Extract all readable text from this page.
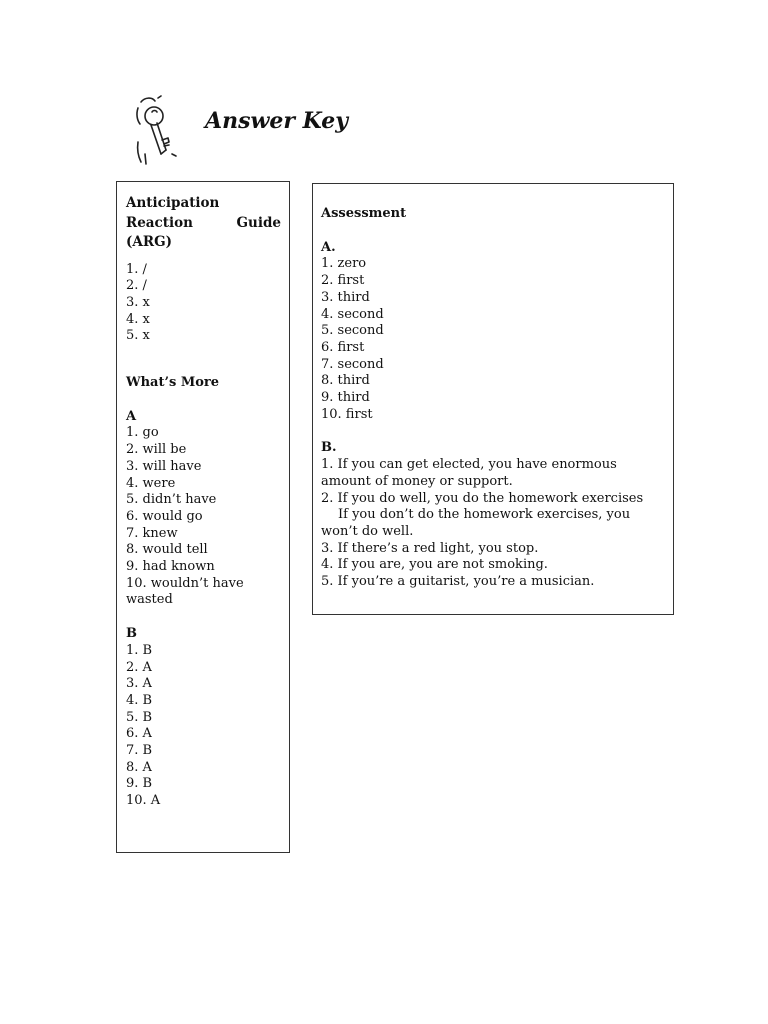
Answer Key
Anticipation
Reaction	Guide
(ARG)
1. /
2. /
3. x
4. x
5. x
What’s More
A
1. go
2. will be
3. will have
4. were
5. didn’t have
6. would go
7. knew
8. would tell
9. had known
10. wouldn’t have wasted
B
1. B
2. A
3. A
4. B
5. B
6. A
7. B
8. A
9. B
10. A
Assessment
A.
1. zero
2. first
3. third
4. second
5. second
6. first
7. second
8. third
9. third
10. first
B.
1. If you can get elected, you have enormous amount of money or support.
2. If you do well, you do the homework exercises
If you don’t do the homework exercises, you won’t do well.
3. If there’s a red light, you stop.
4. If you are, you are not smoking.
5. If you’re a guitarist, you’re a musician.
